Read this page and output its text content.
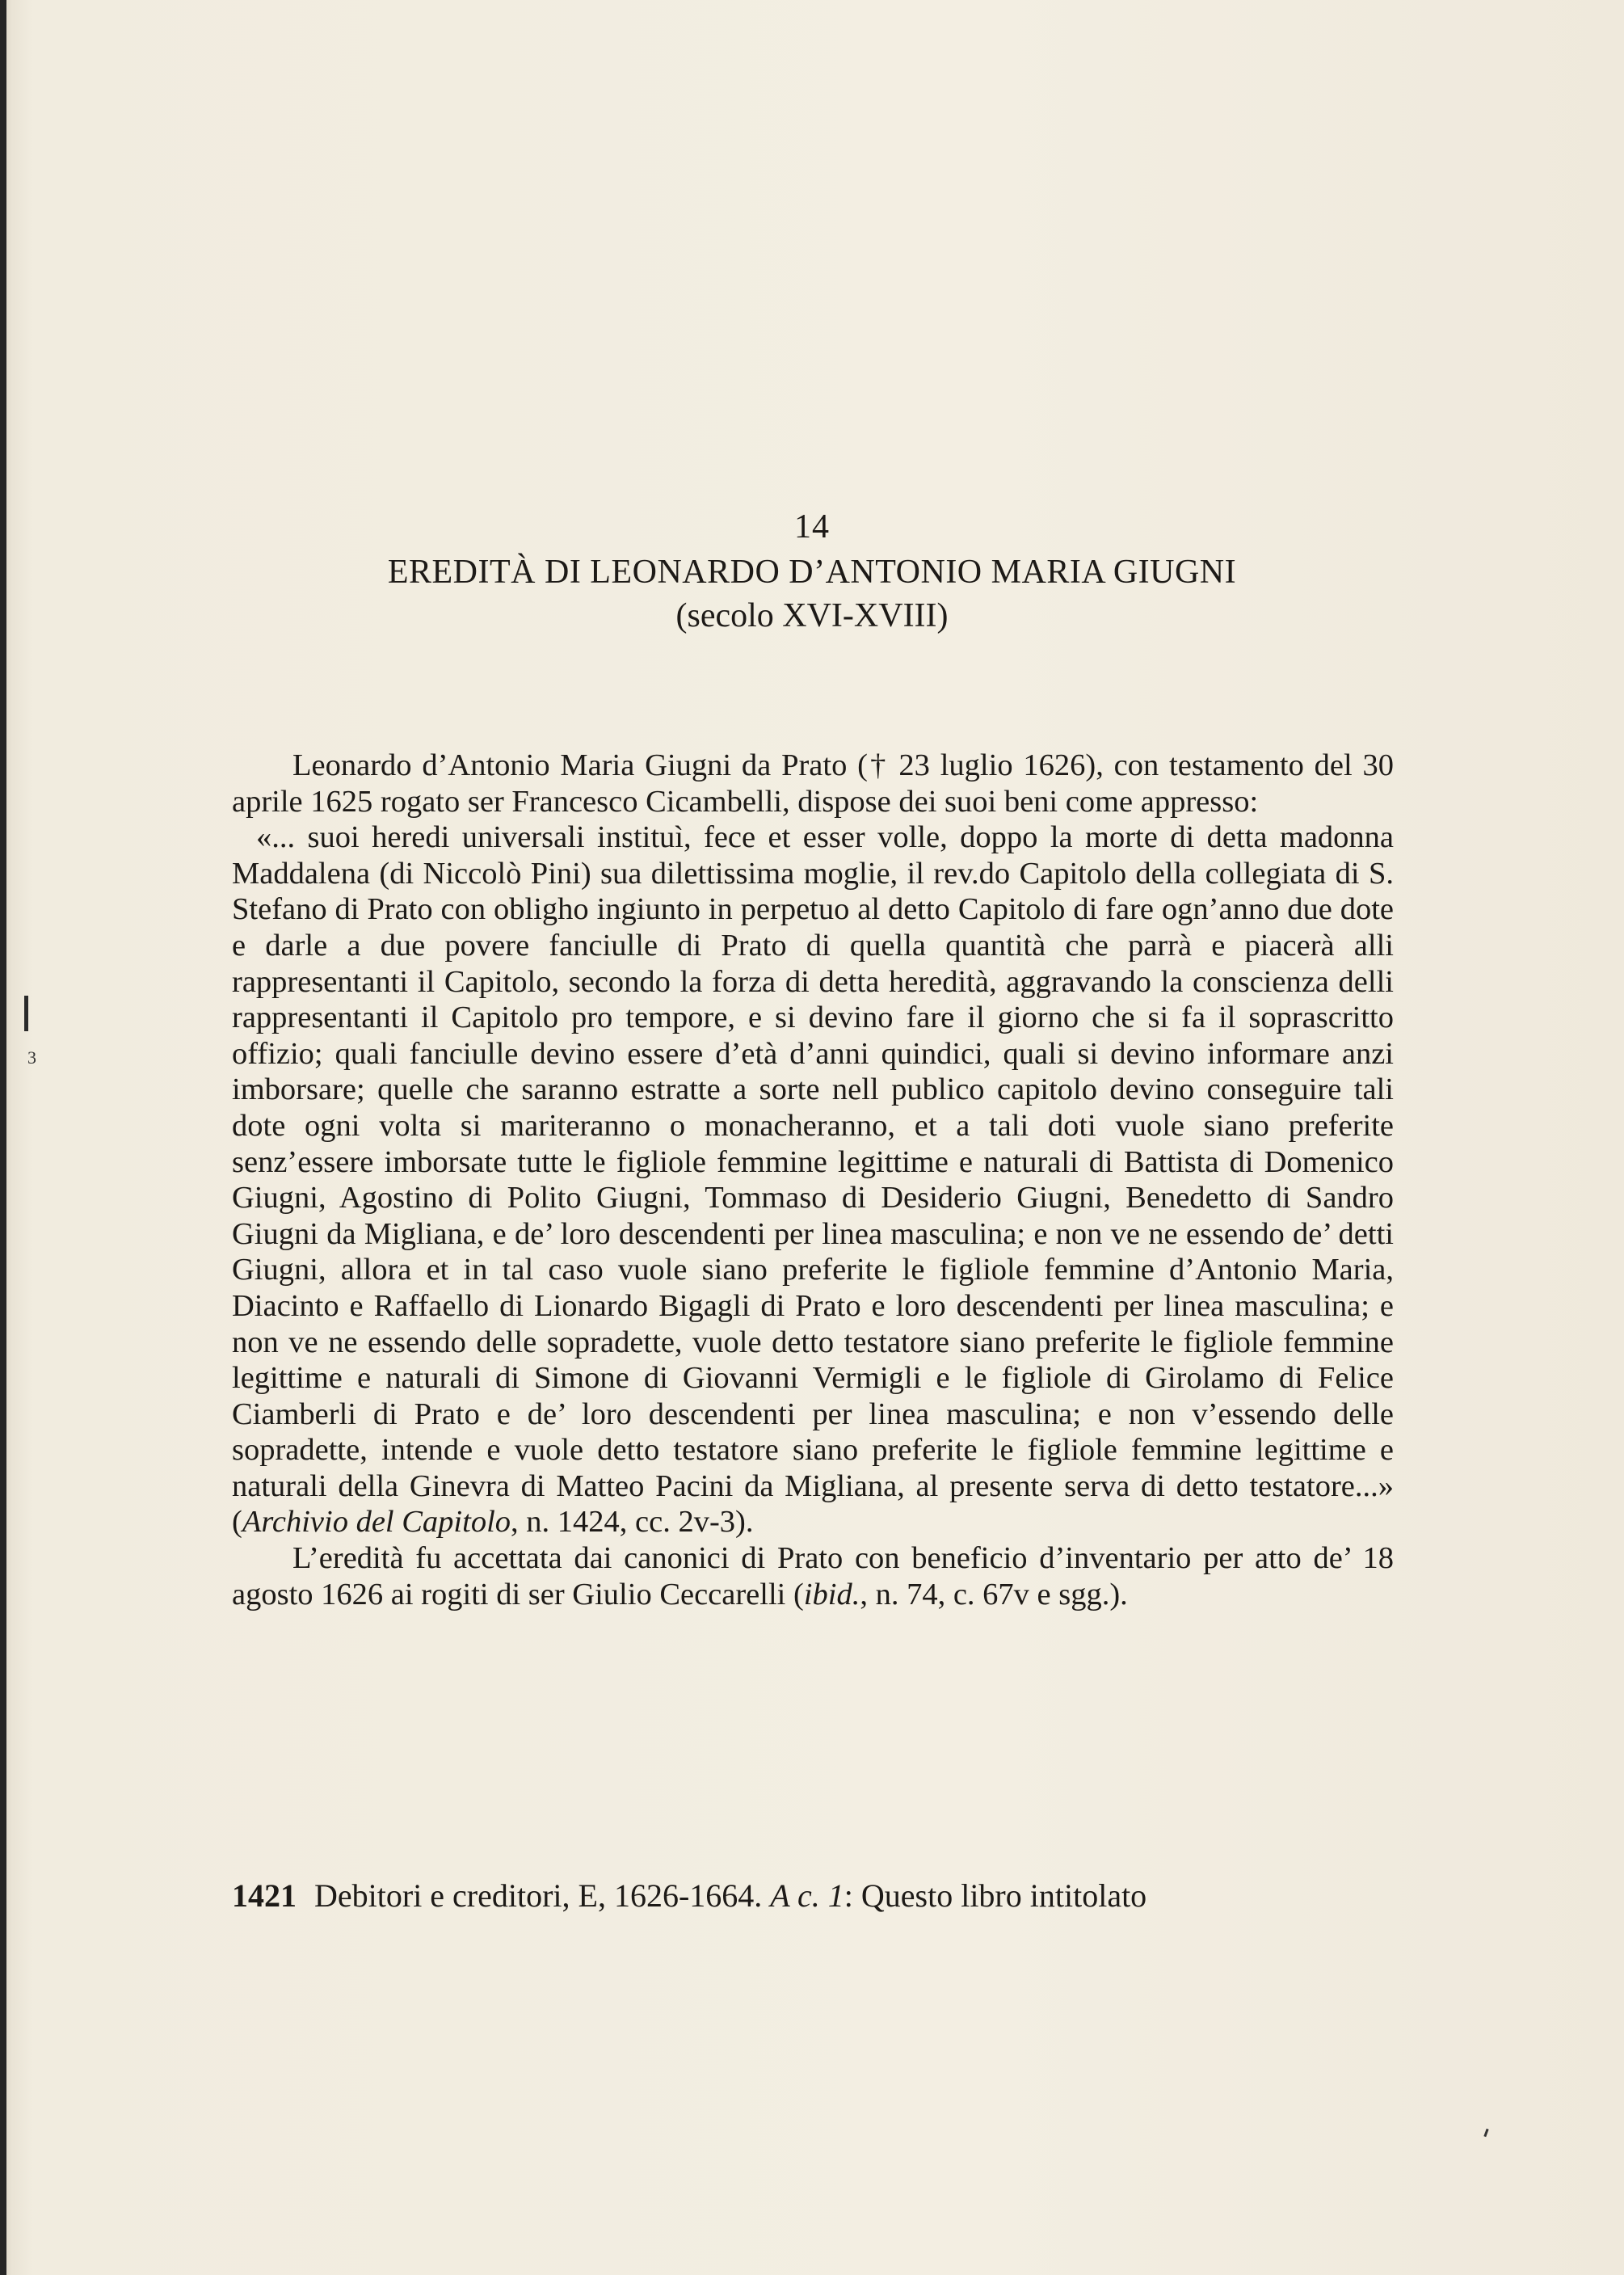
3
14
EREDITÀ DI LEONARDO D’ANTONIO MARIA GIUGNI
(secolo XVI-XVIII)

Leonardo d’Antonio Maria Giugni da Prato († 23 luglio 1626), con testamento del 30 aprile 1625 rogato ser Francesco Cicambelli, dispose dei suoi beni come appresso:

«... suoi heredi universali instituì, fece et esser volle, doppo la morte di detta madonna Maddalena (di Niccolò Pini) sua dilettissima moglie, il rev.do Capitolo della collegiata di S. Stefano di Prato con obligho ingiunto in perpetuo al detto Capitolo di fare ogn’anno due dote e darle a due povere fanciulle di Prato di quella quantità che parrà e piacerà alli rappresentanti il Capitolo, secondo la forza di detta heredità, aggravando la conscienza delli rappresentanti il Capitolo pro tempore, e si devino fare il giorno che si fa il soprascritto offizio; quali fanciulle devino essere d’età d’anni quindici, quali si devino informare anzi imborsare; quelle che saranno estratte a sorte nell publico capitolo devino conseguire tali dote ogni volta si mariteranno o monacheranno, et a tali doti vuole siano preferite senz’essere imborsate tutte le figliole femmine legittime e naturali di Battista di Domenico Giugni, Agostino di Polito Giugni, Tommaso di Desiderio Giugni, Benedetto di Sandro Giugni da Migliana, e de’ loro descendenti per linea masculina; e non ve ne essendo de’ detti Giugni, allora et in tal caso vuole siano preferite le figliole femmine d’Antonio Maria, Diacinto e Raffaello di Lionardo Bigagli di Prato e loro descendenti per linea masculina; e non ve ne essendo delle sopradette, vuole detto testatore siano preferite le figliole femmine legittime e naturali di Simone di Giovanni Vermigli e le figliole di Girolamo di Felice Ciamberli di Prato e de’ loro descendenti per linea masculina; e non v’essendo delle sopradette, intende e vuole detto testatore siano preferite le figliole femmine legittime e naturali della Ginevra di Matteo Pacini da Migliana, al presente serva di detto testatore...» (Archivio del Capitolo, n. 1424, cc. 2v-3).

L’eredità fu accettata dai canonici di Prato con beneficio d’inventario per atto de’ 18 agosto 1626 ai rogiti di ser Giulio Ceccarelli (ibid., n. 74, c. 67v e sgg.).

1421 Debitori e creditori, E, 1626-1664. A c. 1: Questo libro intitolato
